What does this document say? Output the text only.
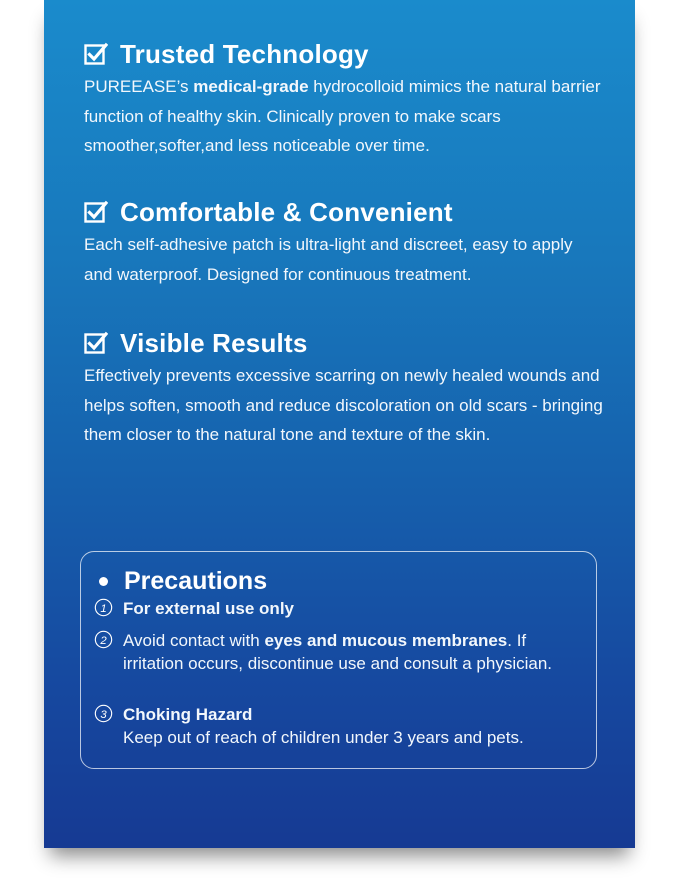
Trusted Technology
PUREEASE’s medical-grade hydrocolloid mimics the natural barrier function of healthy skin. Clinically proven to make scars smoother,softer,and less noticeable over time.
Comfortable & Convenient
Each self-adhesive patch is ultra-light and discreet, easy to apply and waterproof. Designed for continuous treatment.
Visible Results
Effectively prevents excessive scarring on newly healed wounds and helps soften, smooth and reduce discoloration on old scars - bringing them closer to the natural tone and texture of the skin.
Precautions
1 For external use only
2 Avoid contact with eyes and mucous membranes. If irritation occurs, discontinue use and consult a physician.
3 Choking Hazard
Keep out of reach of children under 3 years and pets.
